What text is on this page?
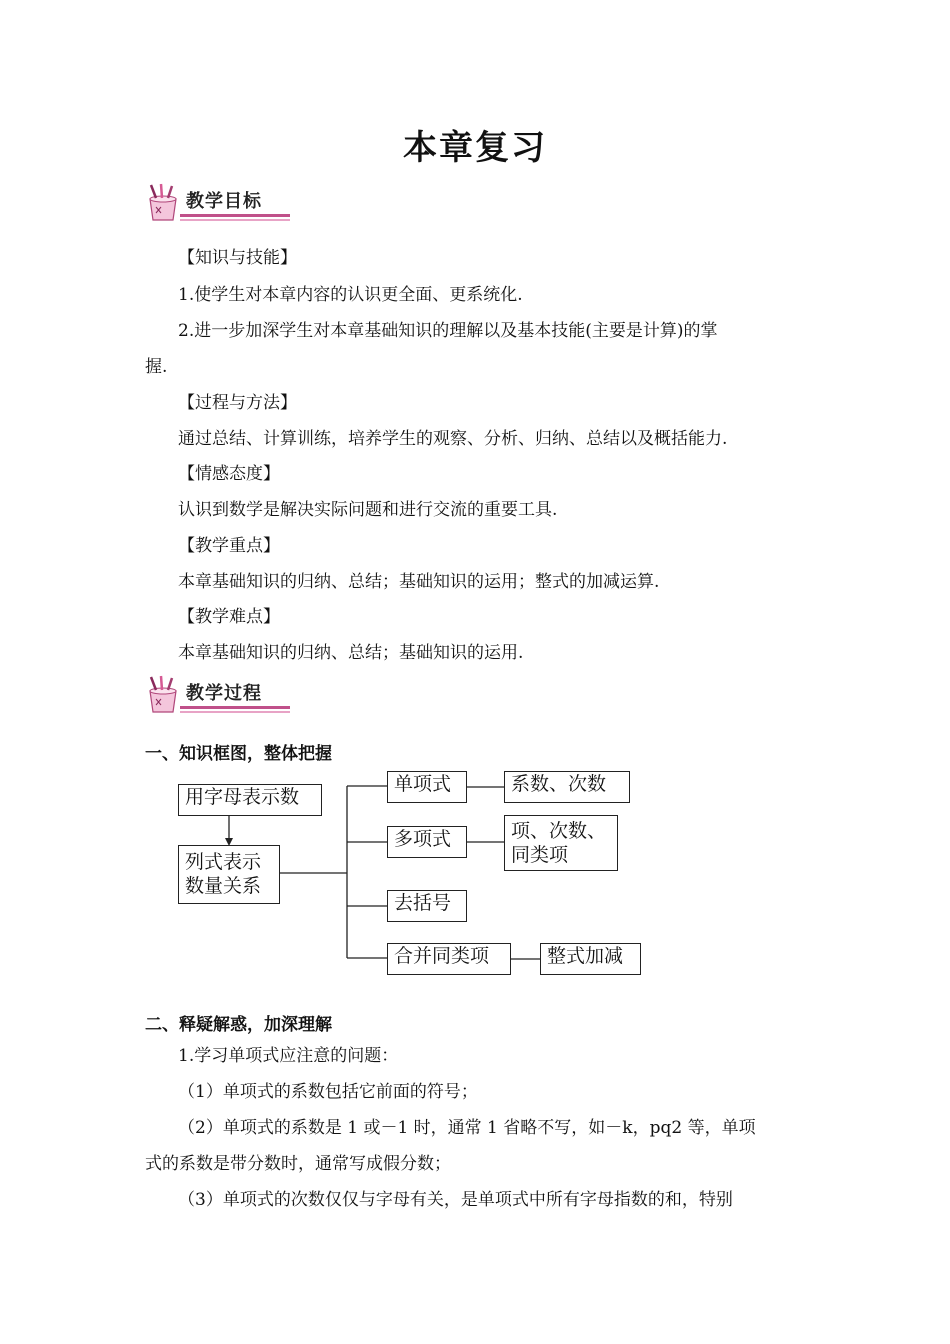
本章复习
教学目标
【知识与技能】
1.使学生对本章内容的认识更全面、更系统化.
2.进一步加深学生对本章基础知识的理解以及基本技能(主要是计算)的掌
握.
【过程与方法】
通过总结、计算训练，培养学生的观察、分析、归纳、总结以及概括能力.
【情感态度】
认识到数学是解决实际问题和进行交流的重要工具.
【教学重点】
本章基础知识的归纳、总结；基础知识的运用；整式的加减运算.
【教学难点】
本章基础知识的归纳、总结；基础知识的运用.
教学过程
一、知识框图，整体把握
用字母表示数
列式表示
数量关系
单项式	系数、次数
多项式	项、次数、
同类项
去括号
合并同类项	整式加减
二、释疑解惑，加深理解
1.学习单项式应注意的问题：
（1）单项式的系数包括它前面的符号；
（2）单项式的系数是 1 或－1 时，通常 1 省略不写，如－k，pq2 等，单项
式的系数是带分数时，通常写成假分数；
（3）单项式的次数仅仅与字母有关，是单项式中所有字母指数的和，特别
